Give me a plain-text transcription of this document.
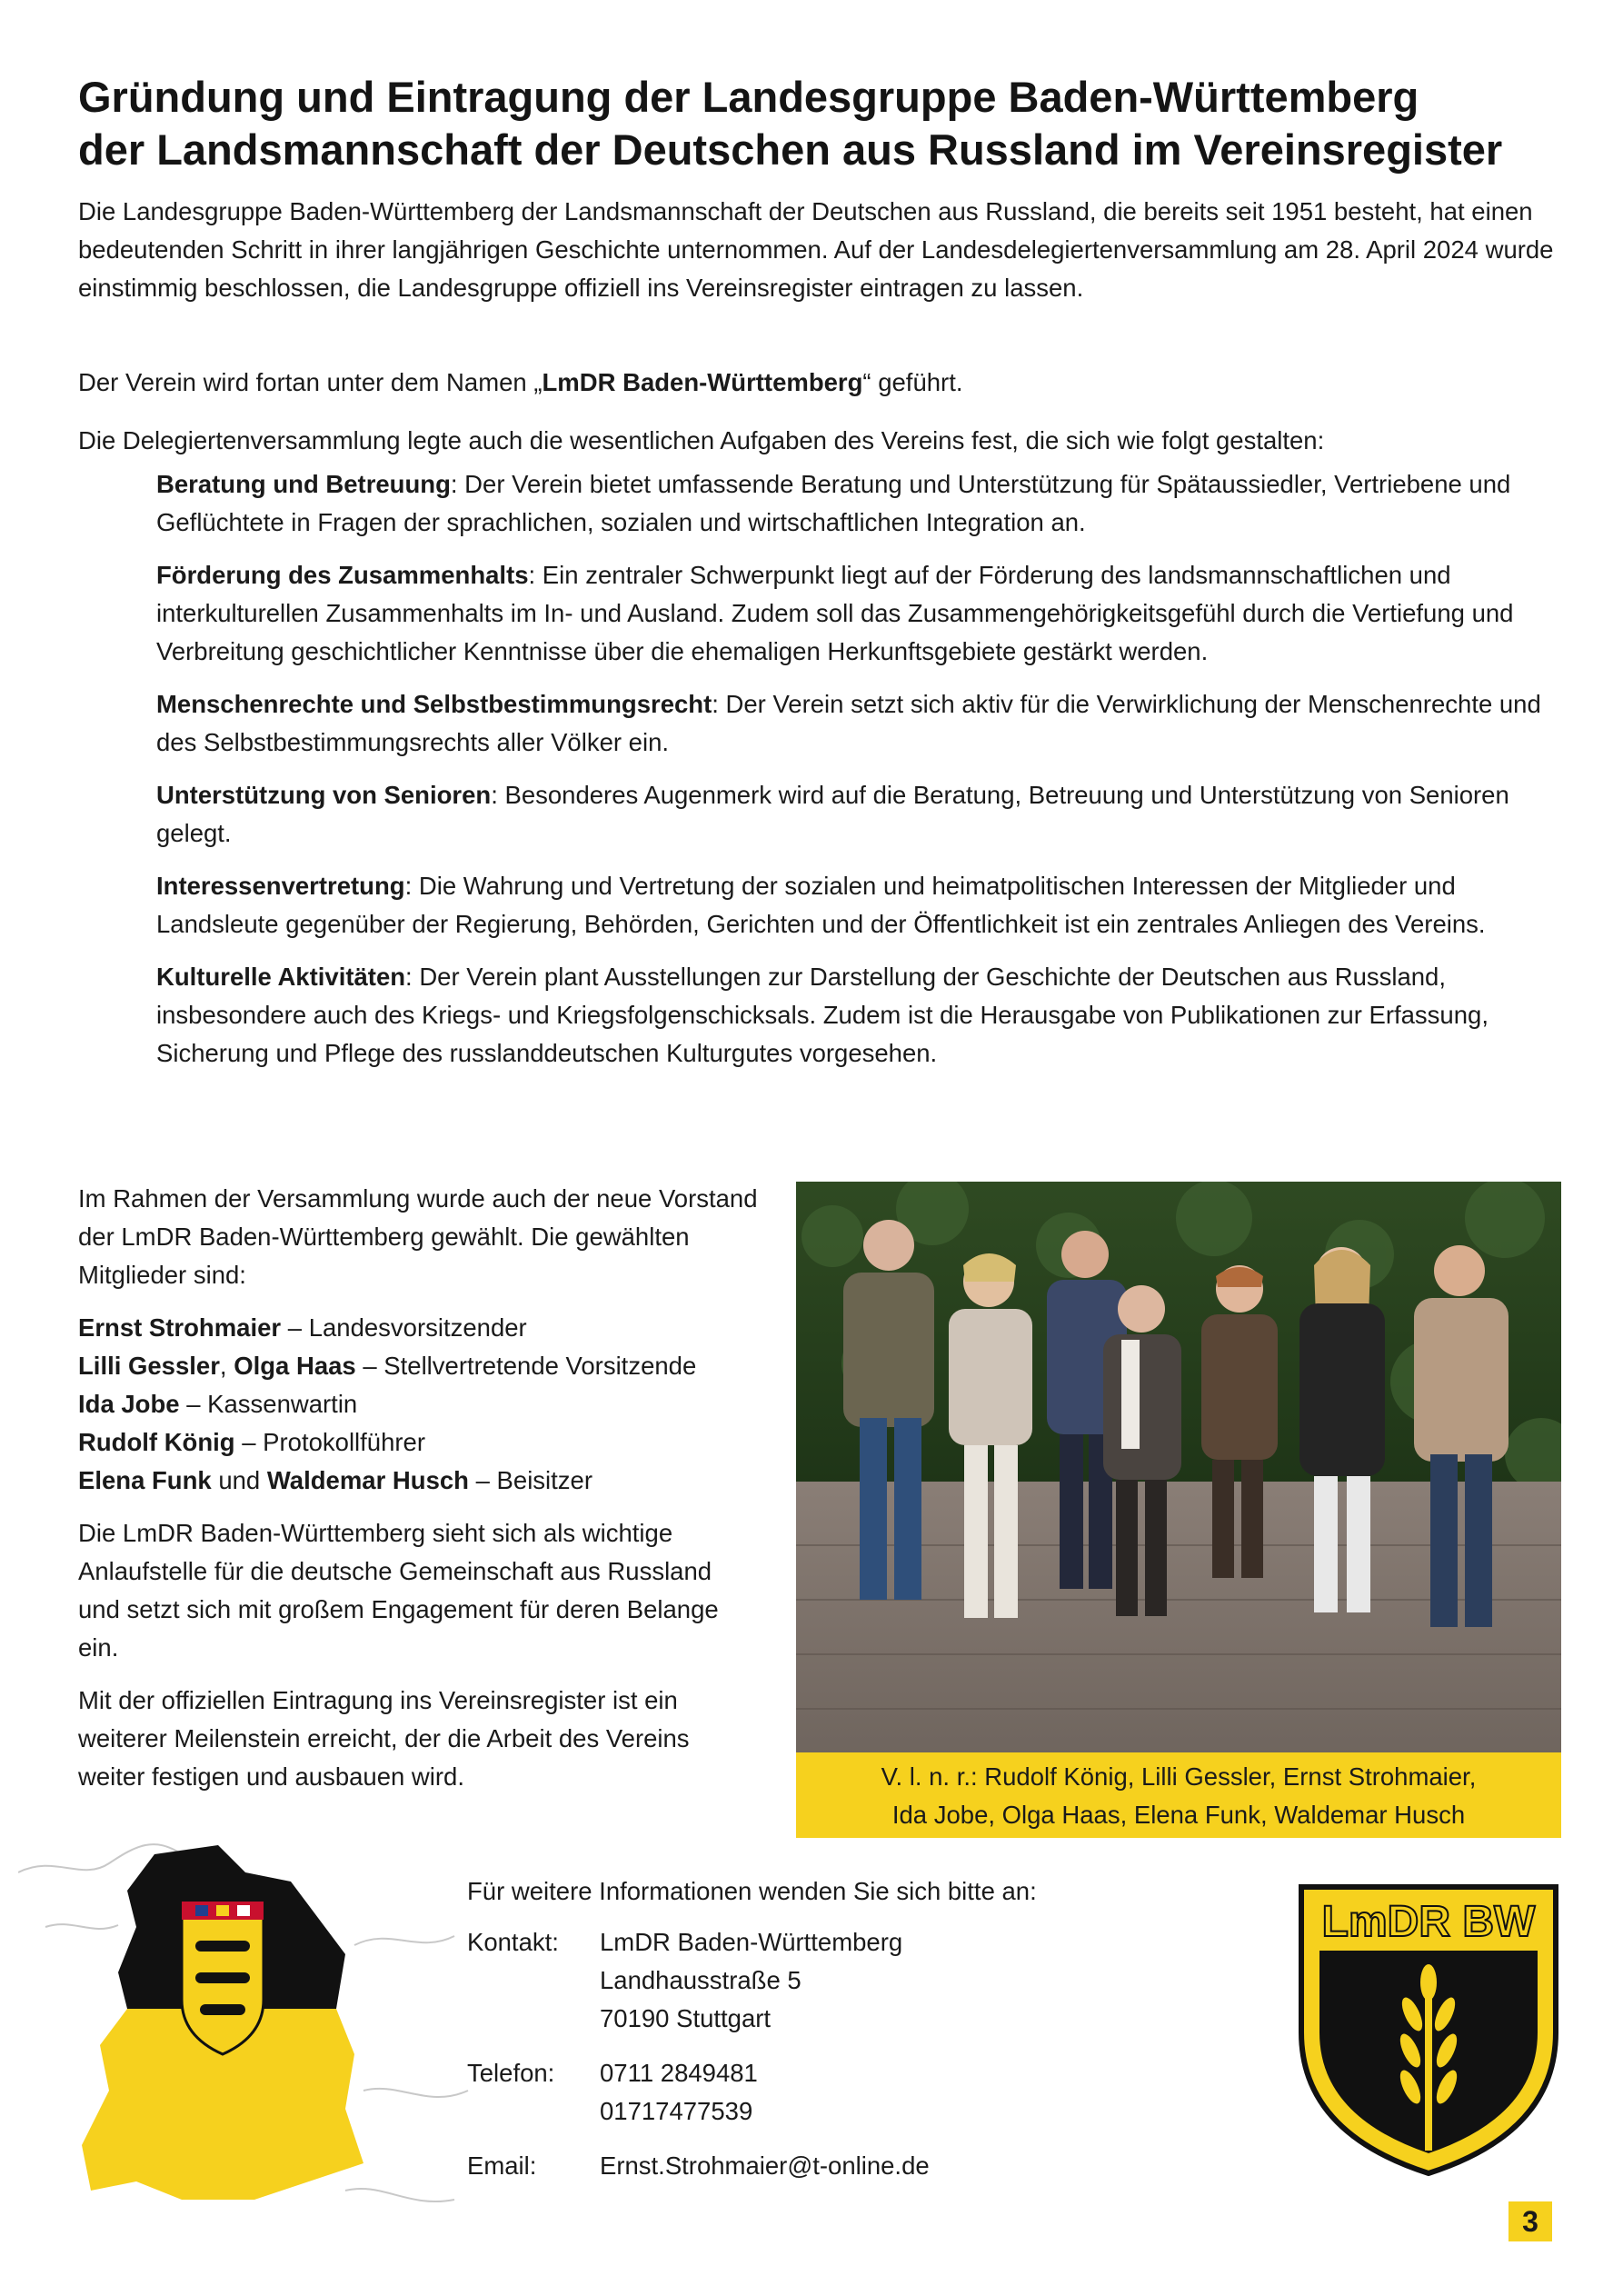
Gründung und Eintragung der Landesgruppe Baden-Württemberg
der Landsmannschaft der Deutschen aus Russland im Vereinsregister

Die Landesgruppe Baden-Württemberg der Landsmannschaft der Deutschen aus Russland, die bereits seit 1951 besteht, hat einen bedeutenden Schritt in ihrer langjährigen Geschichte unternommen. Auf der Landesdelegiertenversammlung am 28. April 2024 wurde einstimmig beschlossen, die Landesgruppe offiziell ins Vereinsregister eintragen zu lassen.

Der Verein wird fortan unter dem Namen „LmDR Baden-Württemberg“ geführt.

Die Delegiertenversammlung legte auch die wesentlichen Aufgaben des Vereins fest, die sich wie folgt gestalten:

Beratung und Betreuung: Der Verein bietet umfassende Beratung und Unterstützung für Spätaussiedler, Vertriebene und Geflüchtete in Fragen der sprachlichen, sozialen und wirtschaftlichen Integration an.

Förderung des Zusammenhalts: Ein zentraler Schwerpunkt liegt auf der Förderung des landsmannschaftlichen und interkulturellen Zusammenhalts im In- und Ausland. Zudem soll das Zusammengehörigkeitsgefühl durch die Vertiefung und Verbreitung geschichtlicher Kenntnisse über die ehemaligen Herkunftsgebiete gestärkt werden.

Menschenrechte und Selbstbestimmungsrecht: Der Verein setzt sich aktiv für die Verwirklichung der Menschenrechte und des Selbstbestimmungsrechts aller Völker ein.

Unterstützung von Senioren: Besonderes Augenmerk wird auf die Beratung, Betreuung und Unterstützung von Senioren gelegt.

Interessenvertretung: Die Wahrung und Vertretung der sozialen und heimatpolitischen Interessen der Mitglieder und Landsleute gegenüber der Regierung, Behörden, Gerichten und der Öffentlichkeit ist ein zentrales Anliegen des Vereins.

Kulturelle Aktivitäten: Der Verein plant Ausstellungen zur Darstellung der Geschichte der Deutschen aus Russland, insbesondere auch des Kriegs- und Kriegsfolgenschicksals. Zudem ist die Herausgabe von Publikationen zur Erfassung, Sicherung und Pflege des russlanddeutschen Kulturgutes vorgesehen.

Im Rahmen der Versammlung wurde auch der neue Vorstand der LmDR Baden-Württemberg gewählt. Die gewählten Mitglieder sind:

Ernst Strohmaier – Landesvorsitzender
Lilli Gessler, Olga Haas – Stellvertretende Vorsitzende
Ida Jobe – Kassenwartin
Rudolf König – Protokollführer
Elena Funk und Waldemar Husch – Beisitzer

Die LmDR Baden-Württemberg sieht sich als wichtige Anlaufstelle für die deutsche Gemeinschaft aus Russland und setzt sich mit großem Engagement für deren Belange ein.

Mit der offiziellen Eintragung ins Vereinsregister ist ein weiterer Meilenstein erreicht, der die Arbeit des Vereins weiter festigen und ausbauen wird.	V. l. n. r.: Rudolf König, Lilli Gessler, Ernst Strohmaier,
Ida Jobe, Olga Haas, Elena Funk, Waldemar Husch

Für weitere Informationen wenden Sie sich bitte an:

Kontakt:	LmDR Baden-Württemberg
Landhausstraße 5
70190 Stuttgart
Telefon:	0711 2849481
01717477539
Email:	Ernst.Strohmaier@t-online.de
LmDR BW
3
